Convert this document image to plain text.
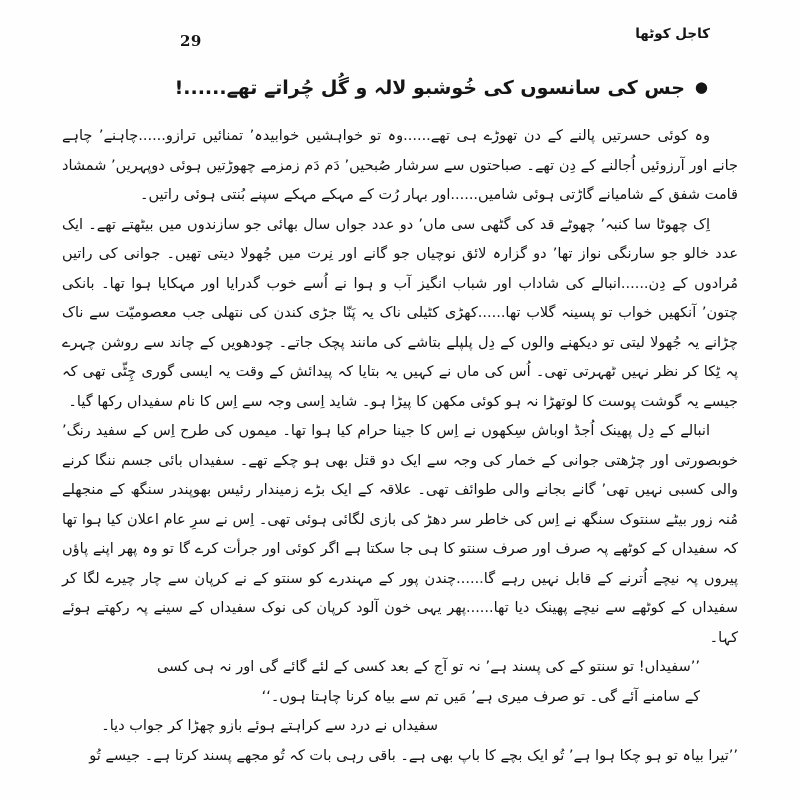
29	کاجل کوٹھا
●جس کی سانسوں کی خُوشبو لالہ و گُل چُراتے تھے......!

وہ کوئی حسرتیں پالنے کے دن تھوڑے ہی تھے......وہ تو خواہشیں خوابیدہ’ تمنائیں ترازو......چاہنے’ چاہے جانے اور آرزوئیں اُجالنے کے دِن تھے۔ صباحتوں سے سرشار صُبحیں’ دَم دَم زمزمے چھوڑتیں ہوئی دوپہریں’ شمشاد قامت شفق کے شامیانے گاڑتی ہوئی شامیں......اور بہار رُت کے مہکے مہکے سپنے بُنتی ہوئی راتیں۔

اِک چھوٹا سا کنبہ’ چھوٹے قد کی گٹھی سی ماں’ دو عدد جواں سال بھائی جو سازندوں میں بیٹھتے تھے۔ ایک عدد خالو جو سارنگی نواز تھا’ دو گزارہ لائق نوچیاں جو گانے اور نِرت میں جُھولا دیتی تھیں۔ جوانی کی راتیں مُرادوں کے دِن......انبالے کی شاداب اور شباب انگیز آب و ہوا نے اُسے خوب گدرایا اور مہکایا ہوا تھا۔ بانکی چتون’ آنکھیں خواب تو پسینہ گلاب تھا......کھڑی کٹیلی ناک یہ پَنّا جڑی کندن کی نتھلی جب معصومیّت سے ناک چڑانے یہ جُھولا لیتی تو دیکھنے والوں کے دِل پلپلے بتاشے کی مانند پچک جاتے۔ چودھویں کے چاند سے روشن چہرے پہ ٹِکا کر نظر نہیں ٹھہرتی تھی۔ اُس کی ماں نے کہیں یہ بتایا کہ پیدائش کے وقت یہ ایسی گوری چِٹّی تھی کہ جیسے یہ گوشت پوست کا لوتھڑا نہ ہو کوئی مکھن کا پیڑا ہو۔ شاید اِسی وجہ سے اِس کا نام سفیداں رکھا گیا۔

انبالے کے دِل پھینک اُجڈ اوباش سِکھوں نے اِس کا جینا حرام کیا ہوا تھا۔ میموں کی طرح اِس کے سفید رنگ’ خوبصورتی اور چڑھتی جوانی کے خمار کی وجہ سے ایک دو قتل بھی ہو چکے تھے۔ سفیداں بائی جسم ننگا کرنے والی کسبی نہیں تھی’ گانے بجانے والی طوائف تھی۔ علاقہ کے ایک بڑے زمیندار رئیس بھوپندر سنگھ کے منجھلے مُنہ زور بیٹے سنتوک سنگھ نے اِس کی خاطر سر دھڑ کی بازی لگائی ہوئی تھی۔ اِس نے سرِ عام اعلان کیا ہوا تھا کہ سفیداں کے کوٹھے پہ صرف اور صرف سنتو کا ہی جا سکتا ہے اگر کوئی اور جرأت کرے گا تو وہ پھر اپنے پاؤں پیروں پہ نیچے اُترنے کے قابل نہیں رہے گا......چندن پور کے مہندرے کو سنتو کے نے کرپان سے چار چیرے لگا کر سفیداں کے کوٹھے سے نیچے پھینک دیا تھا......پھر یہی خون آلود کرپان کی نوک سفیداں کے سینے پہ رکھتے ہوئے کہا۔

’’سفیداں! تو سنتو کے کی پسند ہے’ نہ تو آج کے بعد کسی کے لئے گائے گی اور نہ ہی کسی کے سامنے آئے گی۔ تو صرف میری ہے’ مَیں تم سے بیاہ کرنا چاہتا ہوں۔‘‘

سفیداں نے درد سے کراہتے ہوئے بازو چھڑا کر جواب دیا۔

’’تیرا بیاہ تو ہو چکا ہوا ہے’ تُو ایک بچے کا باپ بھی ہے۔ باقی رہی بات کہ تُو مجھے پسند کرتا ہے۔ جیسے تُو
